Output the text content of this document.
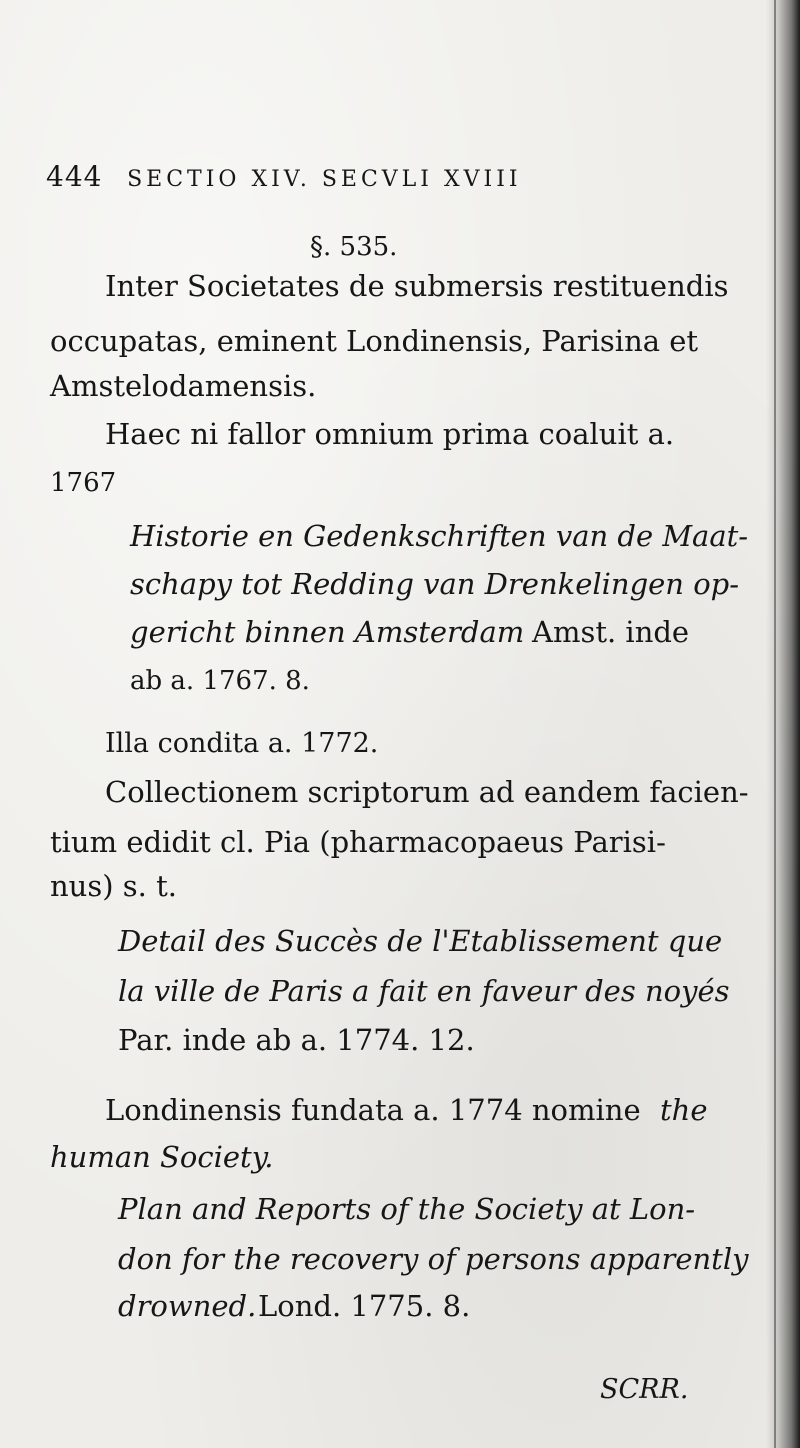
444 SECTIO XIV. SECVLI XVIII
§. 535.
Inter Societates de submersis restituendis
occupatas, eminent Londinensis, Parisina et
Amstelodamensis.
Haec ni fallor omnium prima coaluit a.
1767
Historie en Gedenkschriften van de Maat-
schapy tot Redding van Drenkelingen op-
gericht binnen Amsterdam Amst. inde
ab a. 1767. 8.
Illa condita a. 1772.
Collectionem scriptorum ad eandem facien-
tium edidit cl. Pia (pharmacopaeus Parisi-
nus) s. t.
Detail des Succès de l'Etablissement que
la ville de Paris a fait en faveur des noyés
Par. inde ab a. 1774. 12.
Londinensis fundata a. 1774 nomine the
human Society.
Plan and Reports of the Society at Lon-
don for the recovery of persons apparently
drowned. Lond. 1775. 8.
SCRR.
